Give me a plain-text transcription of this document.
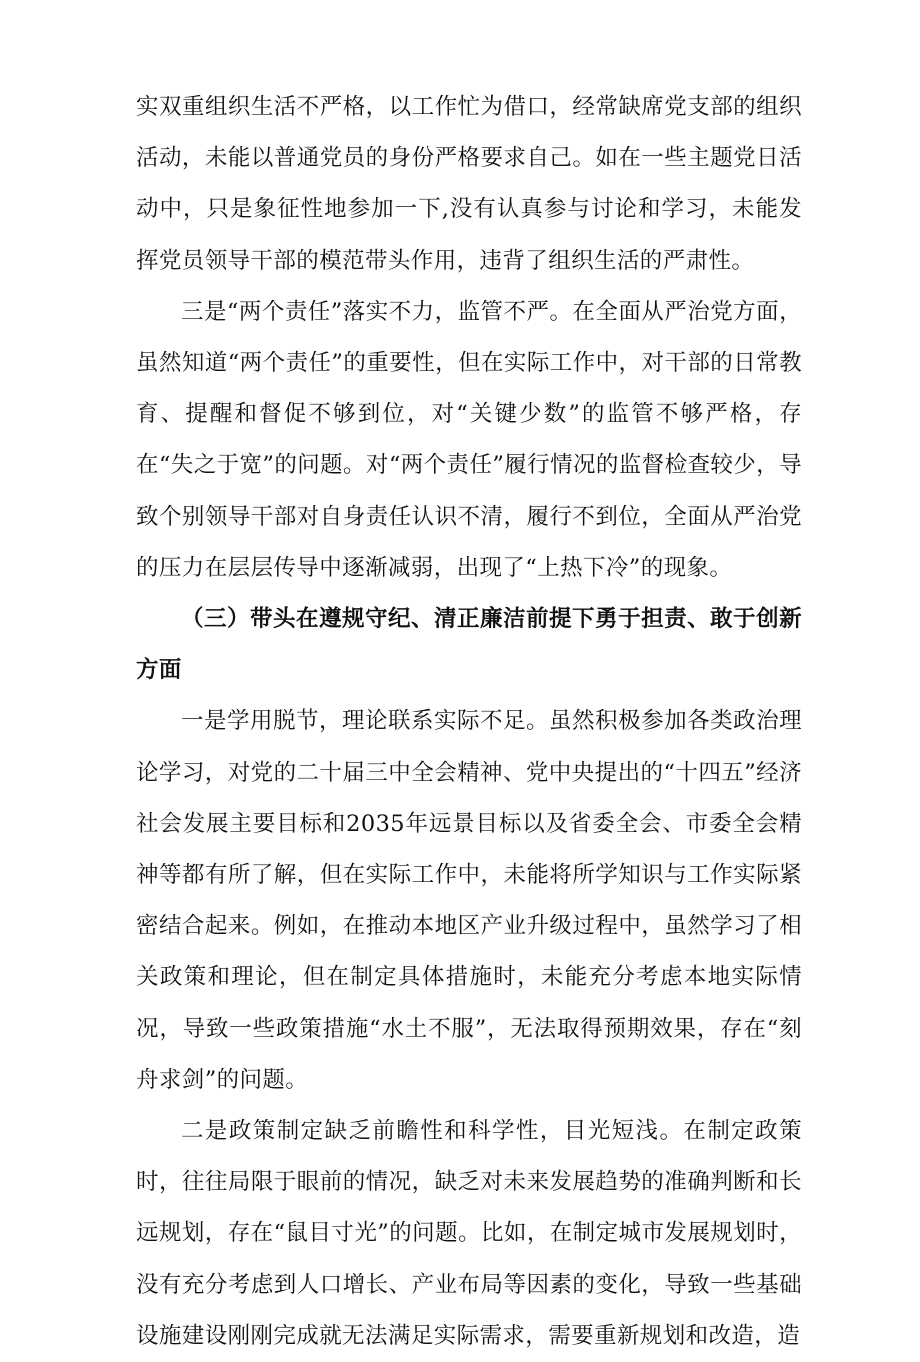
实双重组织生活不严格，以工作忙为借口，经常缺席党支部的组织活动，未能以普通党员的身份严格要求自己。如在一些主题党日活动中，只是象征性地参加一下,没有认真参与讨论和学习，未能发挥党员领导干部的模范带头作用，违背了组织生活的严肃性。

三是“两个责任”落实不力，监管不严。在全面从严治党方面，虽然知道“两个责任”的重要性，但在实际工作中，对干部的日常教育、提醒和督促不够到位，对“关键少数”的监管不够严格，存在“失之于宽”的问题。对“两个责任”履行情况的监督检查较少，导致个别领导干部对自身责任认识不清，履行不到位，全面从严治党的压力在层层传导中逐渐减弱，出现了“上热下冷”的现象。

（三）带头在遵规守纪、清正廉洁前提下勇于担责、敢于创新方面

一是学用脱节，理论联系实际不足。虽然积极参加各类政治理论学习，对党的二十届三中全会精神、党中央提出的“十四五”经济社会发展主要目标和2035年远景目标以及省委全会、市委全会精神等都有所了解，但在实际工作中，未能将所学知识与工作实际紧密结合起来。例如，在推动本地区产业升级过程中，虽然学习了相关政策和理论，但在制定具体措施时，未能充分考虑本地实际情况，导致一些政策措施“水土不服”，无法取得预期效果，存在“刻舟求剑”的问题。

二是政策制定缺乏前瞻性和科学性，目光短浅。在制定政策时，往往局限于眼前的情况，缺乏对未来发展趋势的准确判断和长远规划，存在“鼠目寸光”的问题。比如，在制定城市发展规划时，没有充分考虑到人口增长、产业布局等因素的变化，导致一些基础设施建设刚刚完成就无法满足实际需求，需要重新规划和改造，造
